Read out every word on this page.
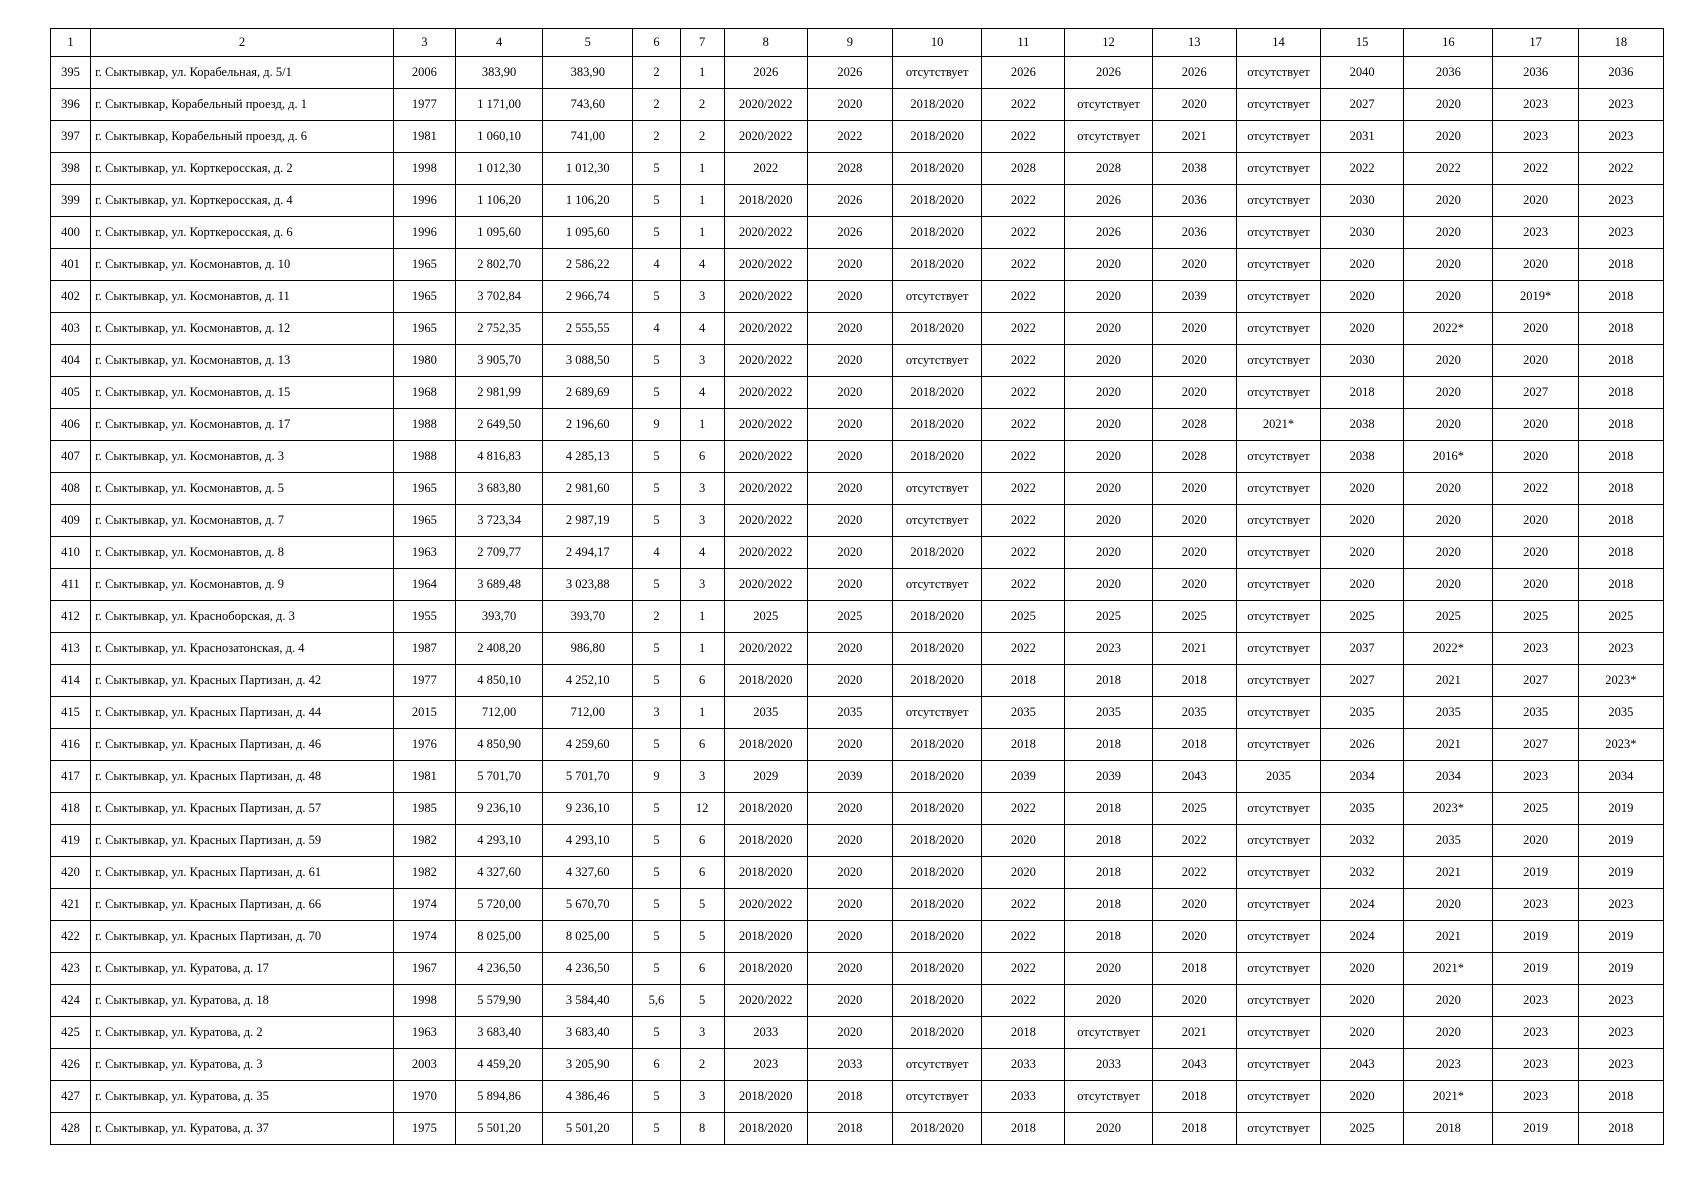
1	2	3	4	5	6	7	8	9	10	11	12	13	14	15	16	17	18
395	г. Сыктывкар, ул. Корабельная, д. 5/1	2006	383,90	383,90	2	1	2026	2026	отсутствует	2026	2026	2026	отсутствует	2040	2036	2036	2036
396	г. Сыктывкар, Корабельный проезд, д. 1	1977	1 171,00	743,60	2	2	2020/2022	2020	2018/2020	2022	отсутствует	2020	отсутствует	2027	2020	2023	2023
397	г. Сыктывкар, Корабельный проезд, д. 6	1981	1 060,10	741,00	2	2	2020/2022	2022	2018/2020	2022	отсутствует	2021	отсутствует	2031	2020	2023	2023
398	г. Сыктывкар, ул. Корткеросская, д. 2	1998	1 012,30	1 012,30	5	1	2022	2028	2018/2020	2028	2028	2038	отсутствует	2022	2022	2022	2022
399	г. Сыктывкар, ул. Корткеросская, д. 4	1996	1 106,20	1 106,20	5	1	2018/2020	2026	2018/2020	2022	2026	2036	отсутствует	2030	2020	2020	2023
400	г. Сыктывкар, ул. Корткеросская, д. 6	1996	1 095,60	1 095,60	5	1	2020/2022	2026	2018/2020	2022	2026	2036	отсутствует	2030	2020	2023	2023
401	г. Сыктывкар, ул. Космонавтов, д. 10	1965	2 802,70	2 586,22	4	4	2020/2022	2020	2018/2020	2022	2020	2020	отсутствует	2020	2020	2020	2018
402	г. Сыктывкар, ул. Космонавтов, д. 11	1965	3 702,84	2 966,74	5	3	2020/2022	2020	отсутствует	2022	2020	2039	отсутствует	2020	2020	2019*	2018
403	г. Сыктывкар, ул. Космонавтов, д. 12	1965	2 752,35	2 555,55	4	4	2020/2022	2020	2018/2020	2022	2020	2020	отсутствует	2020	2022*	2020	2018
404	г. Сыктывкар, ул. Космонавтов, д. 13	1980	3 905,70	3 088,50	5	3	2020/2022	2020	отсутствует	2022	2020	2020	отсутствует	2030	2020	2020	2018
405	г. Сыктывкар, ул. Космонавтов, д. 15	1968	2 981,99	2 689,69	5	4	2020/2022	2020	2018/2020	2022	2020	2020	отсутствует	2018	2020	2027	2018
406	г. Сыктывкар, ул. Космонавтов, д. 17	1988	2 649,50	2 196,60	9	1	2020/2022	2020	2018/2020	2022	2020	2028	2021*	2038	2020	2020	2018
407	г. Сыктывкар, ул. Космонавтов, д. 3	1988	4 816,83	4 285,13	5	6	2020/2022	2020	2018/2020	2022	2020	2028	отсутствует	2038	2016*	2020	2018
408	г. Сыктывкар, ул. Космонавтов, д. 5	1965	3 683,80	2 981,60	5	3	2020/2022	2020	отсутствует	2022	2020	2020	отсутствует	2020	2020	2022	2018
409	г. Сыктывкар, ул. Космонавтов, д. 7	1965	3 723,34	2 987,19	5	3	2020/2022	2020	отсутствует	2022	2020	2020	отсутствует	2020	2020	2020	2018
410	г. Сыктывкар, ул. Космонавтов, д. 8	1963	2 709,77	2 494,17	4	4	2020/2022	2020	2018/2020	2022	2020	2020	отсутствует	2020	2020	2020	2018
411	г. Сыктывкар, ул. Космонавтов, д. 9	1964	3 689,48	3 023,88	5	3	2020/2022	2020	отсутствует	2022	2020	2020	отсутствует	2020	2020	2020	2018
412	г. Сыктывкар, ул. Красноборская, д. 3	1955	393,70	393,70	2	1	2025	2025	2018/2020	2025	2025	2025	отсутствует	2025	2025	2025	2025
413	г. Сыктывкар, ул. Краснозатонская, д. 4	1987	2 408,20	986,80	5	1	2020/2022	2020	2018/2020	2022	2023	2021	отсутствует	2037	2022*	2023	2023
414	г. Сыктывкар, ул. Красных Партизан, д. 42	1977	4 850,10	4 252,10	5	6	2018/2020	2020	2018/2020	2018	2018	2018	отсутствует	2027	2021	2027	2023*
415	г. Сыктывкар, ул. Красных Партизан, д. 44	2015	712,00	712,00	3	1	2035	2035	отсутствует	2035	2035	2035	отсутствует	2035	2035	2035	2035
416	г. Сыктывкар, ул. Красных Партизан, д. 46	1976	4 850,90	4 259,60	5	6	2018/2020	2020	2018/2020	2018	2018	2018	отсутствует	2026	2021	2027	2023*
417	г. Сыктывкар, ул. Красных Партизан, д. 48	1981	5 701,70	5 701,70	9	3	2029	2039	2018/2020	2039	2039	2043	2035	2034	2034	2023	2034
418	г. Сыктывкар, ул. Красных Партизан, д. 57	1985	9 236,10	9 236,10	5	12	2018/2020	2020	2018/2020	2022	2018	2025	отсутствует	2035	2023*	2025	2019
419	г. Сыктывкар, ул. Красных Партизан, д. 59	1982	4 293,10	4 293,10	5	6	2018/2020	2020	2018/2020	2020	2018	2022	отсутствует	2032	2035	2020	2019
420	г. Сыктывкар, ул. Красных Партизан, д. 61	1982	4 327,60	4 327,60	5	6	2018/2020	2020	2018/2020	2020	2018	2022	отсутствует	2032	2021	2019	2019
421	г. Сыктывкар, ул. Красных Партизан, д. 66	1974	5 720,00	5 670,70	5	5	2020/2022	2020	2018/2020	2022	2018	2020	отсутствует	2024	2020	2023	2023
422	г. Сыктывкар, ул. Красных Партизан, д. 70	1974	8 025,00	8 025,00	5	5	2018/2020	2020	2018/2020	2022	2018	2020	отсутствует	2024	2021	2019	2019
423	г. Сыктывкар, ул. Куратова, д. 17	1967	4 236,50	4 236,50	5	6	2018/2020	2020	2018/2020	2022	2020	2018	отсутствует	2020	2021*	2019	2019
424	г. Сыктывкар, ул. Куратова, д. 18	1998	5 579,90	3 584,40	5,6	5	2020/2022	2020	2018/2020	2022	2020	2020	отсутствует	2020	2020	2023	2023
425	г. Сыктывкар, ул. Куратова, д. 2	1963	3 683,40	3 683,40	5	3	2033	2020	2018/2020	2018	отсутствует	2021	отсутствует	2020	2020	2023	2023
426	г. Сыктывкар, ул. Куратова, д. 3	2003	4 459,20	3 205,90	6	2	2023	2033	отсутствует	2033	2033	2043	отсутствует	2043	2023	2023	2023
427	г. Сыктывкар, ул. Куратова, д. 35	1970	5 894,86	4 386,46	5	3	2018/2020	2018	отсутствует	2033	отсутствует	2018	отсутствует	2020	2021*	2023	2018
428	г. Сыктывкар, ул. Куратова, д. 37	1975	5 501,20	5 501,20	5	8	2018/2020	2018	2018/2020	2018	2020	2018	отсутствует	2025	2018	2019	2018
